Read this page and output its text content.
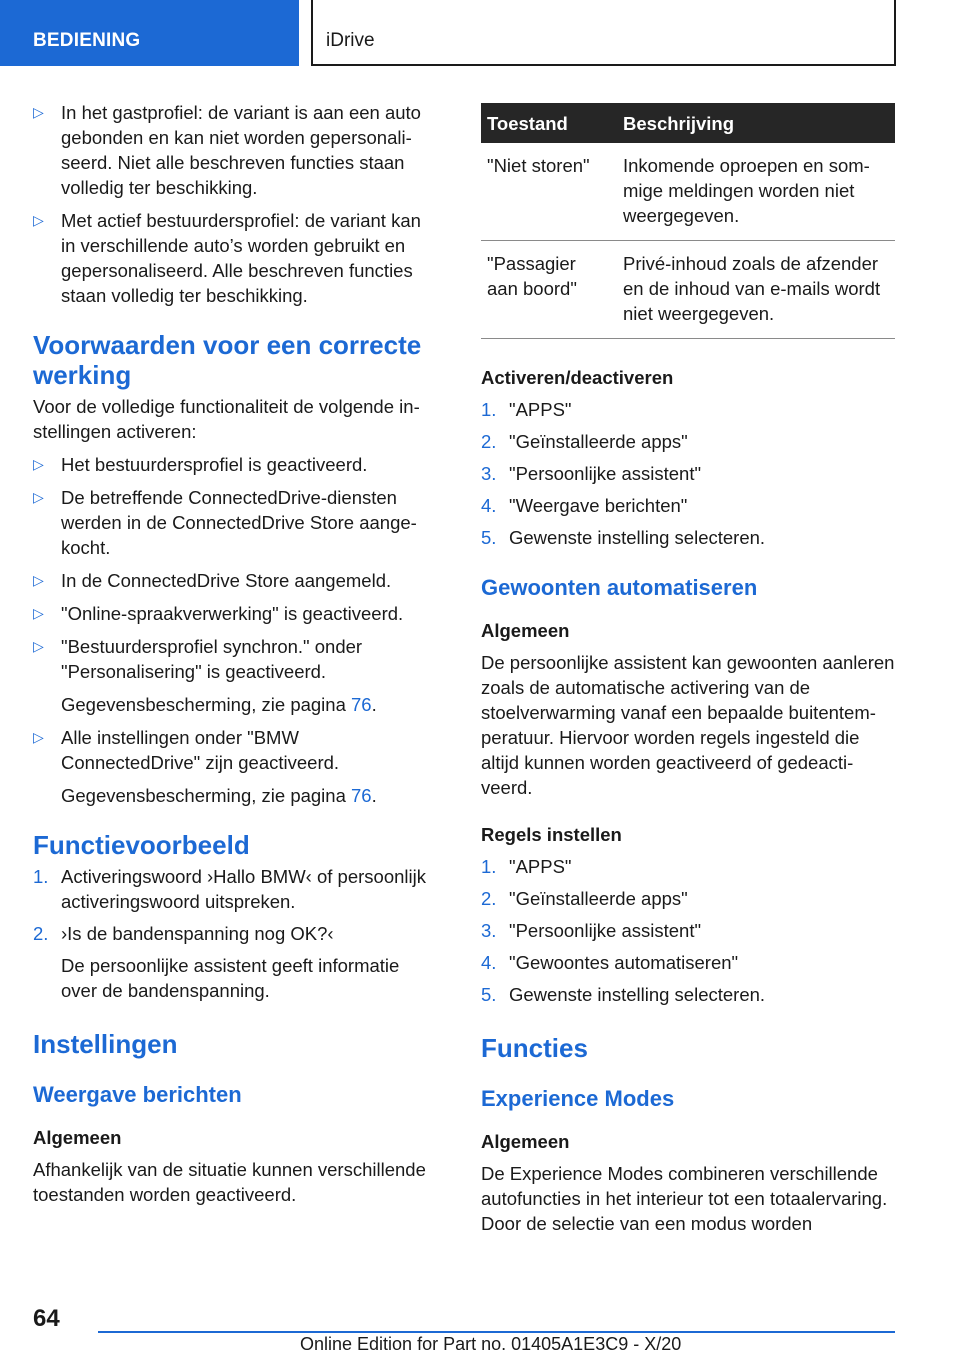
BEDIENING	iDrive
▷ In het gastprofiel: de variant is aan een auto gebonden en kan niet worden gepersonaliseerd. Niet alle beschreven functies staan volledig ter beschikking.
▷ Met actief bestuurdersprofiel: de variant kan in verschillende auto’s worden gebruikt en gepersonaliseerd. Alle beschreven functies staan volledig ter beschikking.
Voorwaarden voor een correcte werking
Voor de volledige functionaliteit de volgende instellingen activeren:
▷ Het bestuurdersprofiel is geactiveerd.
▷ De betreffende ConnectedDrive-diensten werden in de ConnectedDrive Store aangekocht.
▷ In de ConnectedDrive Store aangemeld.
▷ "Online-spraakverwerking" is geactiveerd.
▷ "Bestuurdersprofiel synchron." onder "Personalisering" is geactiveerd.
Gegevensbescherming, zie pagina 76.
▷ Alle instellingen onder "BMW ConnectedDrive" zijn geactiveerd.
Gegevensbescherming, zie pagina 76.
Functievoorbeeld
1. Activeringswoord ›Hallo BMW‹ of persoonlijk activeringswoord uitspreken.
2. ›Is de bandenspanning nog OK?‹
De persoonlijke assistent geeft informatie over de bandenspanning.
Instellingen
Weergave berichten
Algemeen
Afhankelijk van de situatie kunnen verschillende toestanden worden geactiveerd.
Toestand	Beschrijving
"Niet storen"	Inkomende oproepen en sommige meldingen worden niet weergegeven.
"Passagier aan boord"	Privé-inhoud zoals de afzender en de inhoud van e-mails wordt niet weergegeven.
Activeren/deactiveren
1. "APPS"
2. "Geïnstalleerde apps"
3. "Persoonlijke assistent"
4. "Weergave berichten"
5. Gewenste instelling selecteren.
Gewoonten automatiseren
Algemeen
De persoonlijke assistent kan gewoonten aanleren zoals de automatische activering van de stoelverwarming vanaf een bepaalde buitentemperatuur. Hiervoor worden regels ingesteld die altijd kunnen worden geactiveerd of gedeactiveerd.
Regels instellen
1. "APPS"
2. "Geïnstalleerde apps"
3. "Persoonlijke assistent"
4. "Gewoontes automatiseren"
5. Gewenste instelling selecteren.
Functies
Experience Modes
Algemeen
De Experience Modes combineren verschillende autofuncties in het interieur tot een totaalervaring. Door de selectie van een modus worden
64
Online Edition for Part no. 01405A1E3C9 - X/20
